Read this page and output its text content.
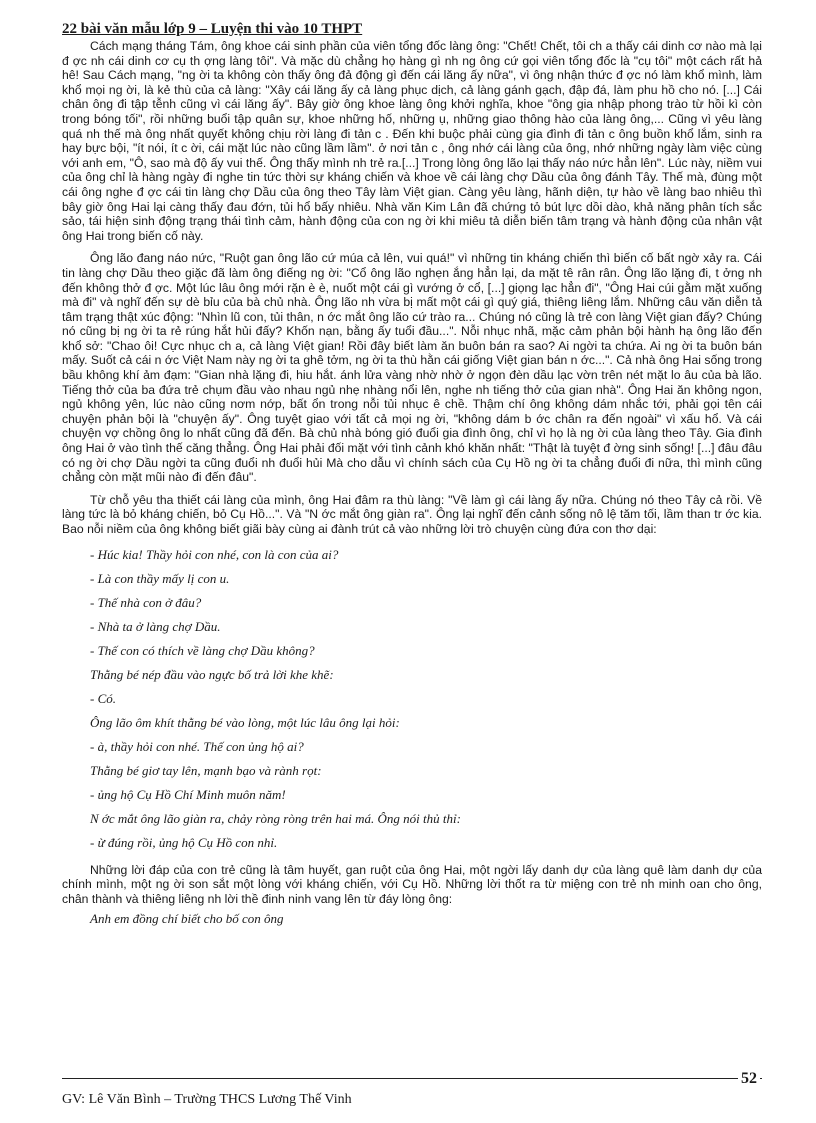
22 bài văn mẫu lớp 9 – Luyện thi vào 10 THPT

Cách mạng tháng Tám, ông khoe cái sinh phần của viên tổng đốc làng ông: "Chết! Chết, tôi ch a thấy cái dinh cơ nào mà lại đ ợc nh cái dinh cơ cụ th ợng làng tôi". Và mặc dù chẳng họ hàng gì nh ng ông cứ gọi viên tổng đốc là "cụ tôi" một cách rất hả hê! Sau Cách mạng, "ng ời ta không còn thấy ông đả động gì đến cái lăng ấy nữa", vì ông nhận thức đ ợc nó làm khổ mình, làm khổ mọi ng ời, là kẻ thù của cả làng: "Xây cái lăng ấy cả làng phục dịch, cả làng gánh gạch, đập đá, làm phu hồ cho nó. [...] Cái chân ông đi tập tễnh cũng vì cái lăng ấy". Bây giờ ông khoe làng ông khởi nghĩa, khoe "ông gia nhập phong trào từ hồi kì còn trong bóng tối", rồi những buổi tập quân sự, khoe những hố, những ụ, những giao thông hào của làng ông,... Cũng vì yêu làng quá nh thế mà ông nhất quyết không chịu rời làng đi tản c . Đến khi buộc phải cùng gia đình đi tản c ông buồn khổ lắm, sinh ra hay bực bội, "ít nói, ít c ời, cái mặt lúc nào cũng lầm lầm". ở nơi tản c , ông nhớ cái làng của ông, nhớ những ngày làm việc cùng với anh em, "Ô, sao mà độ ấy vui thế. Ông thấy mình nh trẻ ra.[...] Trong lòng ông lão lại thấy náo nức hẳn lên". Lúc này, niềm vui của ông chỉ là hàng ngày đi nghe tin tức thời sự kháng chiến và khoe về cái làng chợ Dầu của ông đánh Tây. Thế mà, đùng một cái ông nghe đ ợc cái tin làng chợ Dầu của ông theo Tây làm Việt gian. Càng yêu làng, hãnh diện, tự hào về làng bao nhiêu thì bây giờ ông Hai lại càng thấy đau đớn, tủi hổ bấy nhiêu. Nhà văn Kim Lân đã chứng tỏ bút lực dồi dào, khả năng phân tích sắc sảo, tái hiện sinh động trạng thái tình cảm, hành động của con ng ời khi miêu tả diễn biến tâm trạng và hành động của nhân vật ông Hai trong biến cố này.

Ông lão đang náo nức, "Ruột gan ông lão cứ múa cả lên, vui quá!" vì những tin kháng chiến thì biến cố bất ngờ xảy ra. Cái tin làng chợ Dầu theo giặc đã làm ông điếng ng ời: "Cổ ông lão nghẹn ắng hẳn lại, da mặt tê rân rân. Ông lão lặng đi, t ởng nh đến không thở đ ợc. Một lúc lâu ông mới rặn è è, nuốt một cái gì vướng ở cổ, [...] giọng lạc hẳn đi", "Ông Hai cúi gằm mặt xuống mà đi" và nghĩ đến sự dè bỉu của bà chủ nhà. Ông lão nh vừa bị mất một cái gì quý giá, thiêng liêng lắm. Những câu văn diễn tả tâm trạng thật xúc động: "Nhìn lũ con, tủi thân, n ớc mắt ông lão cứ trào ra... Chúng nó cũng là trẻ con làng Việt gian đấy? Chúng nó cũng bị ng ời ta rẻ rúng hắt hủi đấy? Khốn nạn, bằng ấy tuổi đầu...". Nỗi nhục nhã, mặc cảm phản bội hành hạ ông lão đến khổ sở: "Chao ôi! Cực nhục ch a, cả làng Việt gian! Rồi đây biết làm ăn buôn bán ra sao? Ai ngời ta chứa. Ai ng ời ta buôn bán mấy. Suốt cả cái n ớc Việt Nam này ng ời ta ghê tởm, ng ời ta thù hằn cái giống Việt gian bán n ớc...". Cả nhà ông Hai sống trong bầu không khí ảm đạm: "Gian nhà lặng đi, hiu hắt. ánh lửa vàng nhờ nhờ ở ngọn đèn dầu lạc vờn trên nét mặt lo âu của bà lão. Tiếng thở của ba đứa trẻ chụm đầu vào nhau ngủ nhẹ nhàng nổi lên, nghe nh tiếng thở của gian nhà". Ông Hai ăn không ngon, ngủ không yên, lúc nào cũng nơm nớp, bất ổn trong nỗi tủi nhục ê chề. Thậm chí ông không dám nhắc tới, phải gọi tên cái chuyện phản bội là "chuyện ấy". Ông tuyệt giao với tất cả mọi ng ời, "không dám b ớc chân ra đến ngoài" vì xấu hổ. Và cái chuyện vợ chồng ông lo nhất cũng đã đến. Bà chủ nhà bóng gió đuổi gia đình ông, chỉ vì họ là ng ời của làng theo Tây. Gia đình ông Hai ở vào tình thế căng thẳng. Ông Hai phải đối mặt với tình cảnh khó khăn nhất: "Thật là tuyệt đ ờng sinh sống! [...] đâu đâu có ng ời chợ Dầu ngời ta cũng đuổi nh đuổi hủi Mà cho dẫu vì chính sách của Cụ Hồ ng ời ta chẳng đuổi đi nữa, thì mình cũng chẳng còn mặt mũi nào đi đến đâu".

Từ chỗ yêu tha thiết cái làng của mình, ông Hai đâm ra thù làng: "Về làm gì cái làng ấy nữa. Chúng nó theo Tây cả rồi. Về làng tức là bỏ kháng chiến, bỏ Cụ Hồ...". Và "N ớc mắt ông giàn ra". Ông lại nghĩ đến cảnh sống nô lệ tăm tối, lầm than tr ớc kia. Bao nỗi niềm của ông không biết giãi bày cùng ai đành trút cả vào những lời trò chuyện cùng đứa con thơ dại:

- Húc kia! Thầy hỏi con nhé, con là con của ai?
- Là con thầy mấy lị con u.
- Thế nhà con ở đâu?
- Nhà ta ở làng chợ Dầu.
- Thế con có thích về làng chợ Dầu không?
Thằng bé nép đầu vào ngực bố trả lời khe khẽ:
- Có.
Ông lão ôm khít thằng bé vào lòng, một lúc lâu ông lại hỏi:
- à, thầy hỏi con nhé. Thế con ủng hộ ai?
Thằng bé giơ tay lên, mạnh bạo và rành rọt:
- ủng hộ Cụ Hồ Chí Minh muôn năm!
N ớc mắt ông lão giàn ra, chảy ròng ròng trên hai má. Ông nói thủ thỉ:
- ừ đúng rồi, ủng hộ Cụ Hồ con nhỉ.

Những lời đáp của con trẻ cũng là tâm huyết, gan ruột của ông Hai, một ngời lấy danh dự của làng quê làm danh dự của chính mình, một ng ời son sắt một lòng với kháng chiến, với Cụ Hồ. Những lời thốt ra từ miệng con trẻ nh minh oan cho ông, chân thành và thiêng liêng nh lời thề đinh ninh vang lên từ đáy lòng ông:

Anh em đồng chí biết cho bố con ông

52
GV: Lê Văn Bình – Trường THCS Lương Thế Vinh
